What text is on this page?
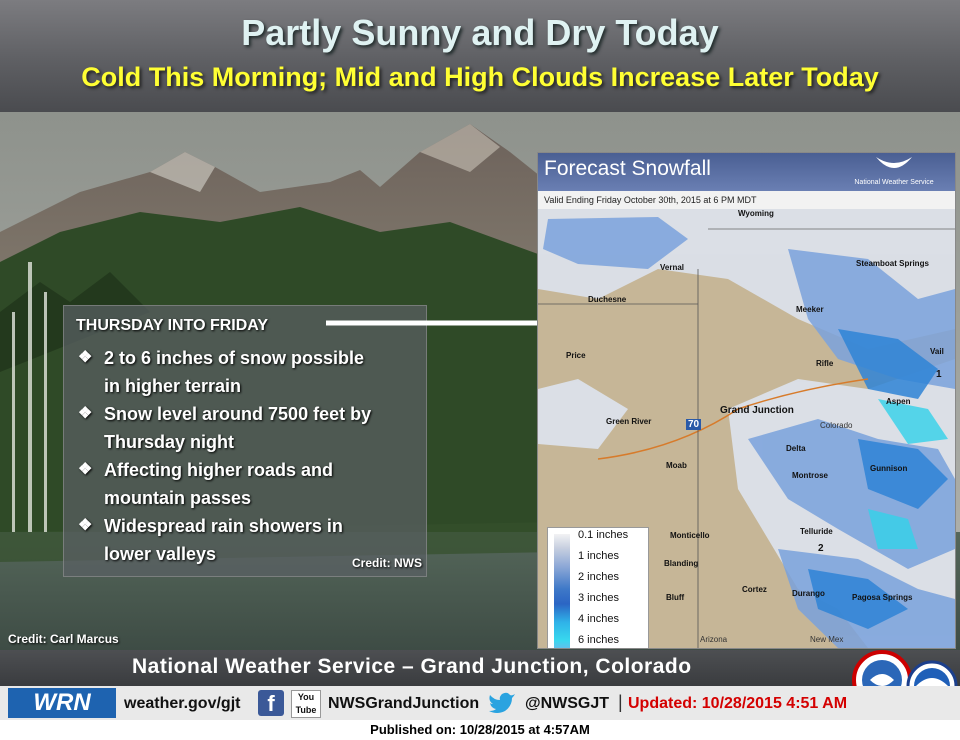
Partly Sunny and Dry Today
Cold This Morning; Mid and High Clouds Increase Later Today
Credit: Carl Marcus
THURSDAY INTO FRIDAY
❖ 2 to 6 inches of snow possible
in higher terrain
❖ Snow level around 7500 feet by
Thursday night
❖ Affecting higher roads and
mountain passes
❖ Widespread rain showers in
lower valleys	Credit: NWS
Forecast Snowfall
National Weather Service
Valid Ending Friday October 30th, 2015 at 6 PM MDT
Wyoming
Vernal
Duchesne
Price
Green River
Moab
Monticello
Blanding
Bluff
Cortez	Durango	Pagosa Springs
Telluride
Montrose
Delta
Gunnison
Aspen
Vail
Rifle
Meeker
Steamboat Springs
Grand Junction
Colorado
Arizona	New Mex
70
1
2
0.1 inches
1 inches
2 inches
3 inches
4 inches
6 inches
National Weather Service – Grand Junction, Colorado
WRN	weather.gov/gjt	f	You Tube NWSGrandJunction	@NWSGJT | Updated: 10/28/2015 4:51 AM
Published on: 10/28/2015 at 4:57AM
